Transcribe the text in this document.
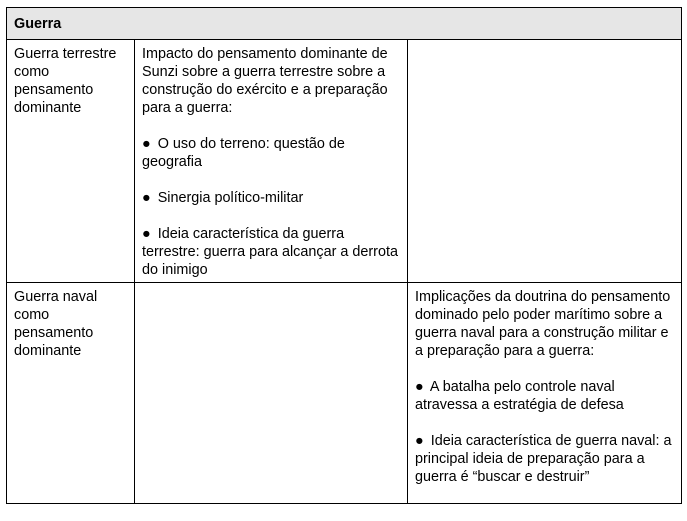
Guerra		
Guerra terrestre como pensamento dominante	Impacto do pensamento dominante de Sunzi sobre a guerra terrestre sobre a construção do exército e a preparação para a guerra:

● O uso do terreno: questão de geografia

● Sinergia político-militar

● Ideia característica da guerra terrestre: guerra para alcançar a derrota do inimigo	

Guerra naval como pensamento dominante		Implicações da doutrina do pensamento dominado pelo poder marítimo sobre a guerra naval para a construção militar e a preparação para a guerra:

● A batalha pelo controle naval atravessa a estratégia de defesa

● Ideia característica de guerra naval: a principal ideia de preparação para a guerra é “buscar e destruir”
